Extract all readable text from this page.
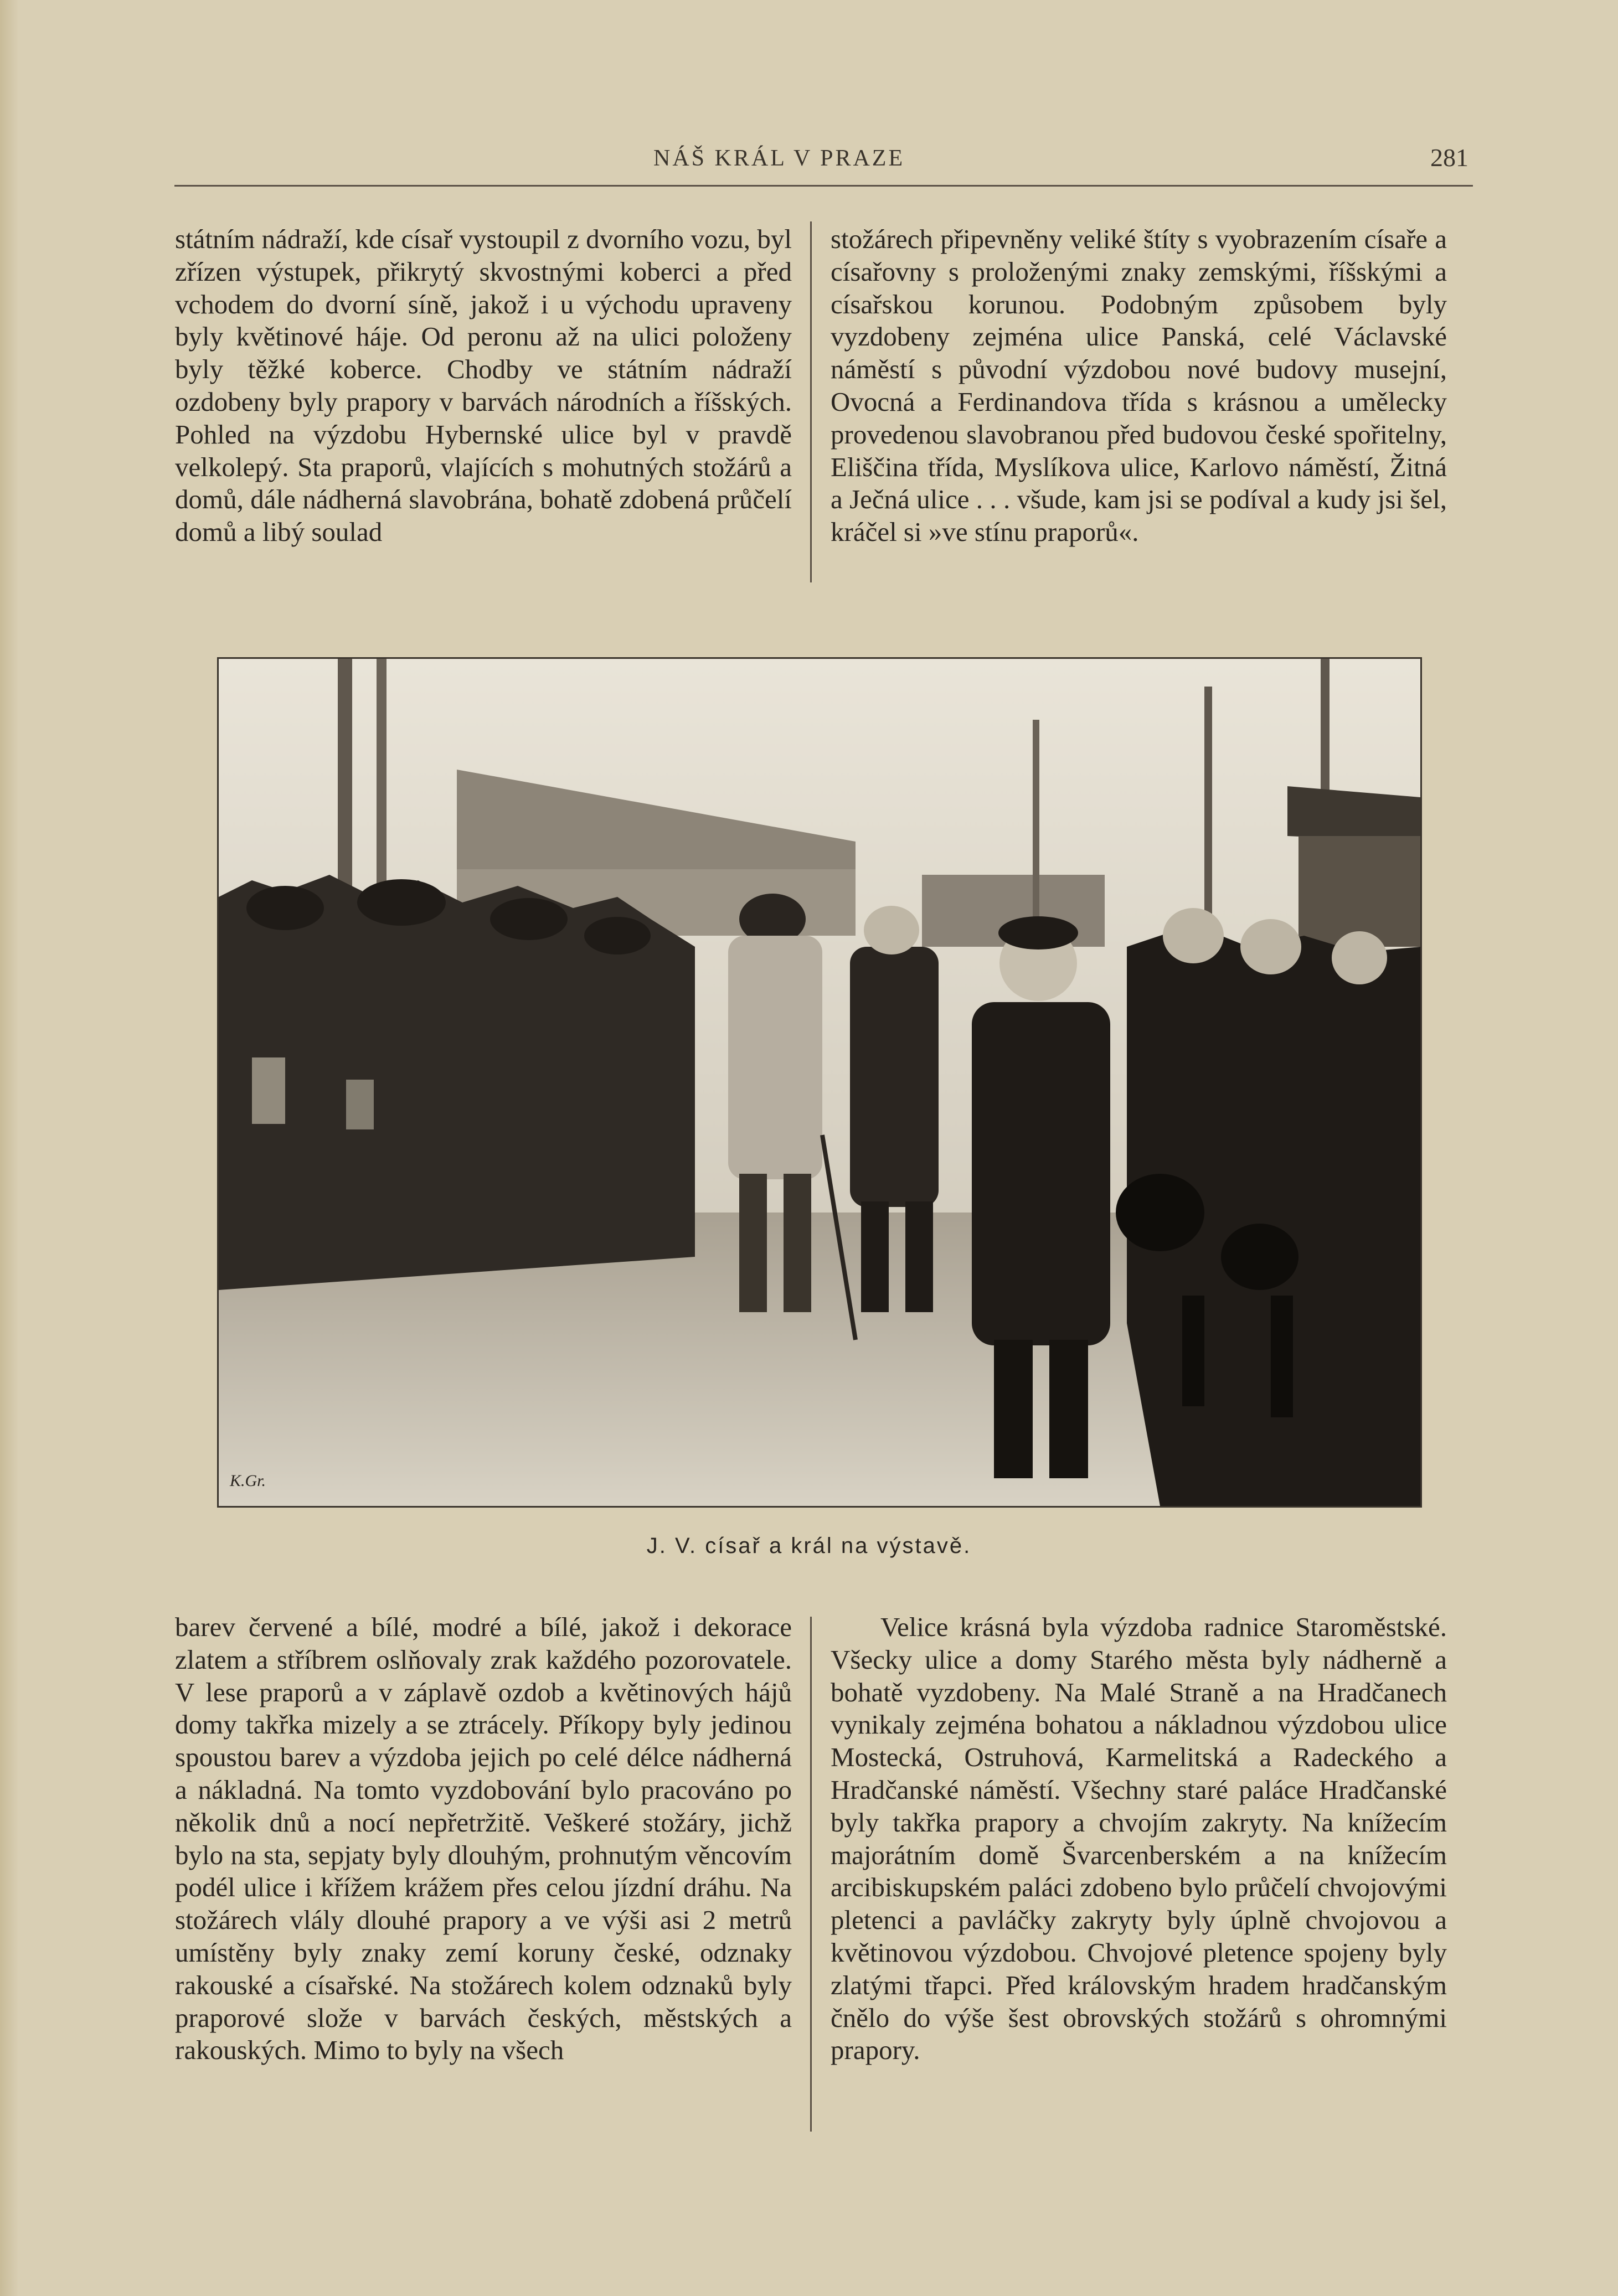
NÁŠ KRÁL V PRAZE	281

státním nádraží, kde císař vystoupil z dvorního vozu, byl zřízen výstupek, přikrytý skvostnými koberci a před vchodem do dvorní síně, jakož i u východu upraveny byly květinové háje. Od peronu až na ulici položeny byly těžké koberce. Chodby ve státním nádraží ozdobeny byly prapory v barvách národních a říšských. Pohled na výzdobu Hybernské ulice byl v pravdě velkolepý. Sta praporů, vlajících s mohutných stožárů a domů, dále nádherná slavobrána, bohatě zdobená průčelí domů a libý soulad

stožárech připevněny veliké štíty s vyobrazením císaře a císařovny s proloženými znaky zemskými, říšskými a císařskou korunou. Podobným způsobem byly vyzdobeny zejména ulice Panská, celé Václavské náměstí s původní výzdobou nové budovy musejní, Ovocná a Ferdinandova třída s krásnou a umělecky provedenou slavobranou před budovou české spořitelny, Eliščina třída, Myslíkova ulice, Karlovo náměstí, Žitná a Ječná ulice . . . všude, kam jsi se podíval a kudy jsi šel, kráčel si »ve stínu praporů«.

K.Gr.
J. V. císař a král na výstavě.

barev červené a bílé, modré a bílé, jakož i dekorace zlatem a stříbrem oslňovaly zrak každého pozorovatele. V lese praporů a v záplavě ozdob a květinových hájů domy takřka mizely a se ztrácely. Příkopy byly jedinou spoustou barev a výzdoba jejich po celé délce nádherná a nákladná. Na tomto vyzdobování bylo pracováno po několik dnů a nocí nepřetržitě. Veškeré stožáry, jichž bylo na sta, sepjaty byly dlouhým, prohnutým věncovím podél ulice i křížem krážem přes celou jízdní dráhu. Na stožárech vlály dlouhé prapory a ve výši asi 2 metrů umístěny byly znaky zemí koruny české, odznaky rakouské a císařské. Na stožárech kolem odznaků byly praporové slože v barvách českých, městských a rakouských. Mimo to byly na všech

Velice krásná byla výzdoba radnice Staroměstské. Všecky ulice a domy Starého města byly nádherně a bohatě vyzdobeny. Na Malé Straně a na Hradčanech vynikaly zejména bohatou a nákladnou výzdobou ulice Mostecká, Ostruhová, Karmelitská a Radeckého a Hradčanské náměstí. Všechny staré paláce Hradčanské byly takřka prapory a chvojím zakryty. Na knížecím majorátním domě Švarcenberském a na knížecím arcibiskupském paláci zdobeno bylo průčelí chvojovými pletenci a pavláčky zakryty byly úplně chvojovou a květinovou výzdobou. Chvojové pletence spojeny byly zlatými třapci. Před královským hradem hradčanským čnělo do výše šest obrovských stožárů s ohromnými prapory.
